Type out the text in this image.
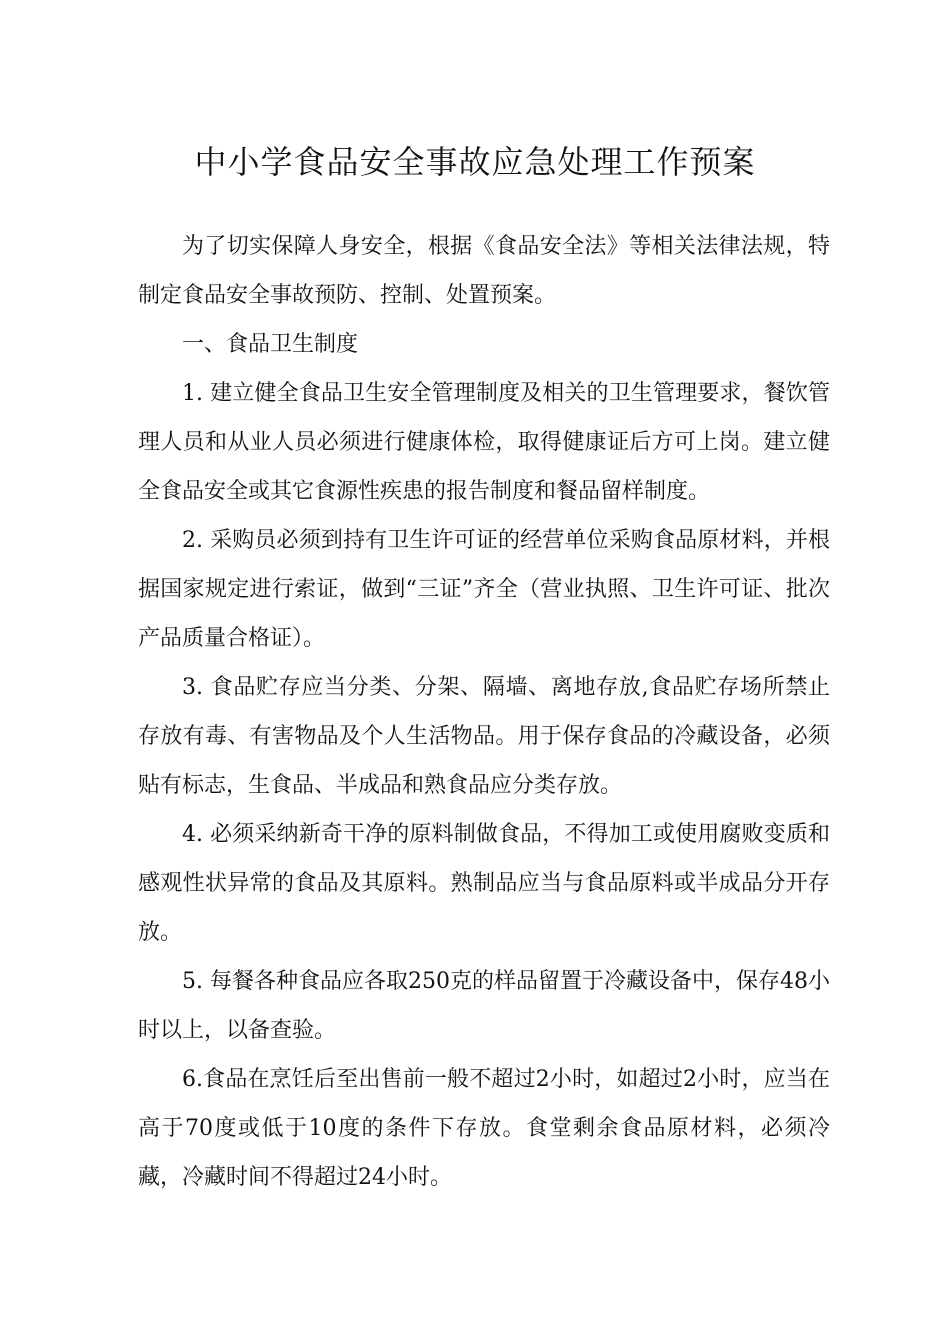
中小学食品安全事故应急处理工作预案

为了切实保障人身安全，根据《食品安全法》等相关法律法规，特制定食品安全事故预防、控制、处置预案。

一、食品卫生制度

1. 建立健全食品卫生安全管理制度及相关的卫生管理要求，餐饮管理人员和从业人员必须进行健康体检，取得健康证后方可上岗。建立健全食品安全或其它食源性疾患的报告制度和餐品留样制度。

2. 采购员必须到持有卫生许可证的经营单位采购食品原材料，并根据国家规定进行索证，做到“三证”齐全（营业执照、卫生许可证、批次产品质量合格证）。

3. 食品贮存应当分类、分架、隔墙、离地存放,食品贮存场所禁止存放有毒、有害物品及个人生活物品。用于保存食品的冷藏设备，必须贴有标志，生食品、半成品和熟食品应分类存放。

4. 必须采纳新奇干净的原料制做食品，不得加工或使用腐败变质和感观性状异常的食品及其原料。熟制品应当与食品原料或半成品分开存放。

5. 每餐各种食品应各取250克的样品留置于冷藏设备中，保存48小时以上，以备查验。

6.食品在烹饪后至出售前一般不超过2小时，如超过2小时，应当在高于70度或低于10度的条件下存放。食堂剩余食品原材料，必须冷藏，冷藏时间不得超过24小时。
